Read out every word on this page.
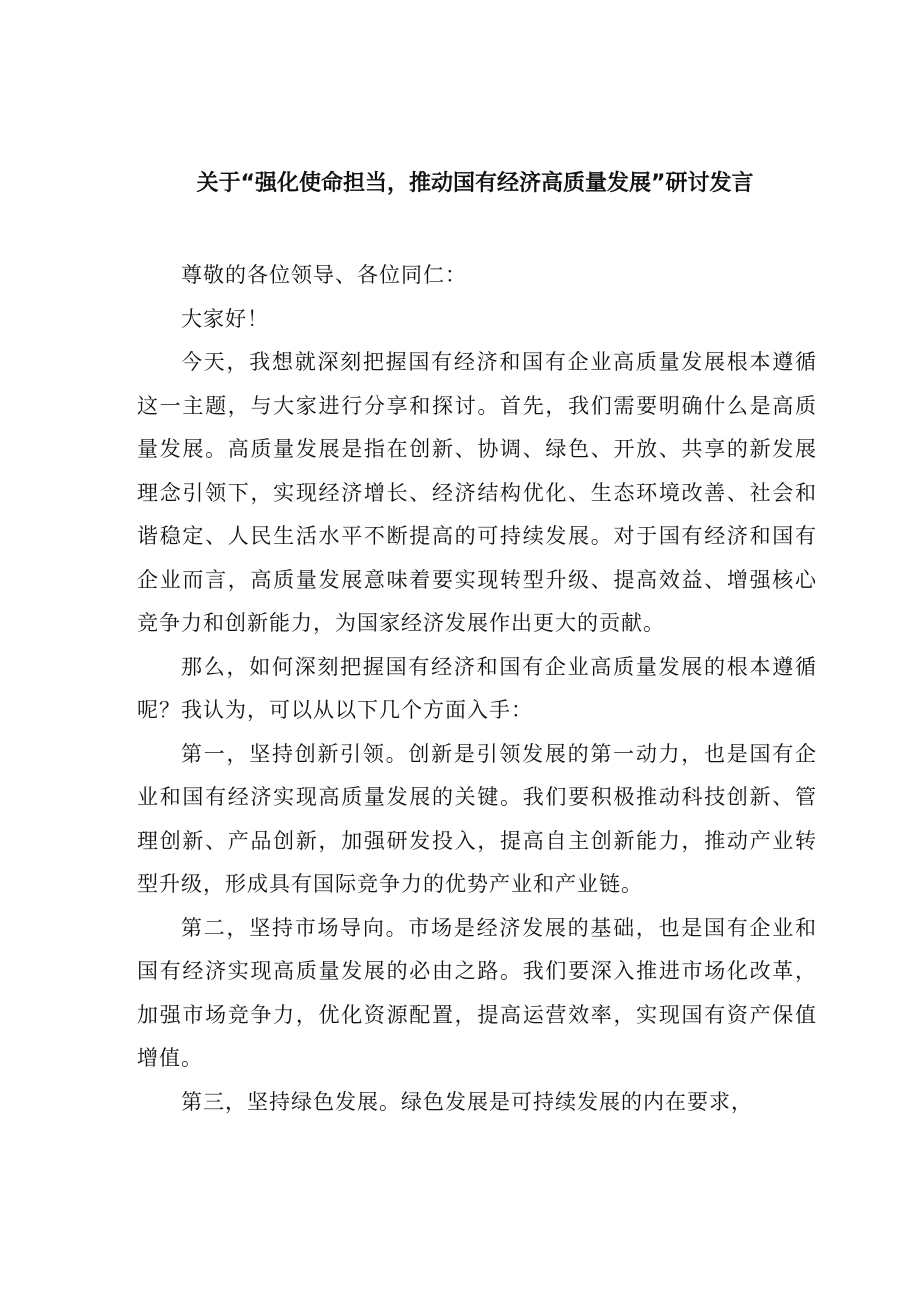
关于“强化使命担当，推动国有经济高质量发展”研讨发言

尊敬的各位领导、各位同仁：

大家好！

今天，我想就深刻把握国有经济和国有企业高质量发展根本遵循这一主题，与大家进行分享和探讨。首先，我们需要明确什么是高质量发展。高质量发展是指在创新、协调、绿色、开放、共享的新发展理念引领下，实现经济增长、经济结构优化、生态环境改善、社会和谐稳定、人民生活水平不断提高的可持续发展。对于国有经济和国有企业而言，高质量发展意味着要实现转型升级、提高效益、增强核心竞争力和创新能力，为国家经济发展作出更大的贡献。

那么，如何深刻把握国有经济和国有企业高质量发展的根本遵循呢？我认为，可以从以下几个方面入手：

第一，坚持创新引领。创新是引领发展的第一动力，也是国有企业和国有经济实现高质量发展的关键。我们要积极推动科技创新、管理创新、产品创新，加强研发投入，提高自主创新能力，推动产业转型升级，形成具有国际竞争力的优势产业和产业链。

第二，坚持市场导向。市场是经济发展的基础，也是国有企业和国有经济实现高质量发展的必由之路。我们要深入推进市场化改革，加强市场竞争力，优化资源配置，提高运营效率，实现国有资产保值增值。

第三，坚持绿色发展。绿色发展是可持续发展的内在要求，
